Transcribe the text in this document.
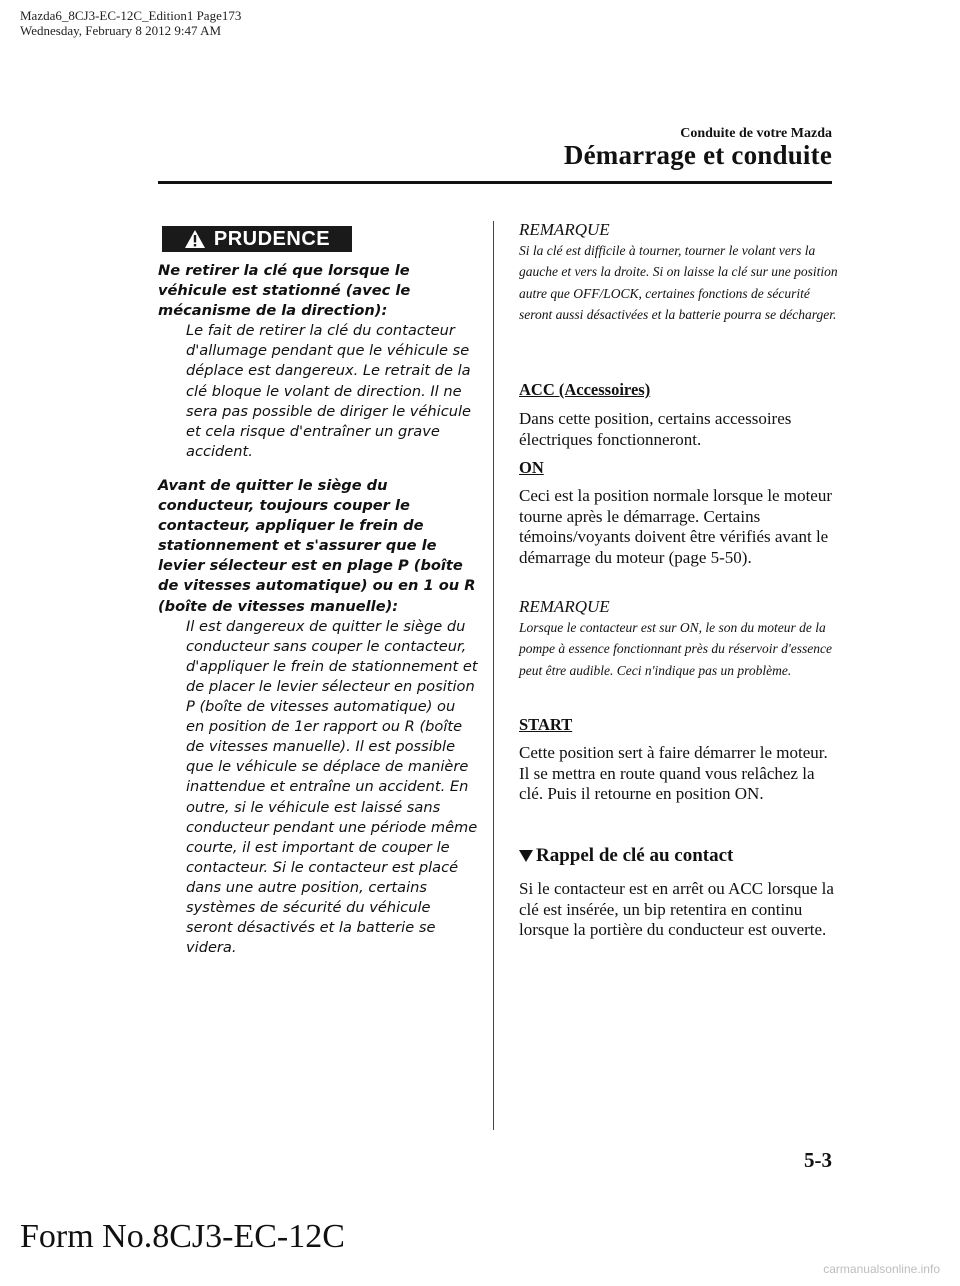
Mazda6_8CJ3-EC-12C_Edition1 Page173
Wednesday, February 8 2012 9:47 AM
Conduite de votre Mazda
Démarrage et conduite
PRUDENCE

Ne retirer la clé que lorsque le véhicule est stationné (avec le mécanisme de la direction):

Le fait de retirer la clé du contacteur d'allumage pendant que le véhicule se déplace est dangereux. Le retrait de la clé bloque le volant de direction. Il ne sera pas possible de diriger le véhicule et cela risque d'entraîner un grave accident.

Avant de quitter le siège du conducteur, toujours couper le contacteur, appliquer le frein de stationnement et s'assurer que le levier sélecteur est en plage P (boîte de vitesses automatique) ou en 1 ou R (boîte de vitesses manuelle):

Il est dangereux de quitter le siège du conducteur sans couper le contacteur, d'appliquer le frein de stationnement et de placer le levier sélecteur en position P (boîte de vitesses automatique) ou en position de 1er rapport ou R (boîte de vitesses manuelle). Il est possible que le véhicule se déplace de manière inattendue et entraîne un accident. En outre, si le véhicule est laissé sans conducteur pendant une période même courte, il est important de couper le contacteur. Si le contacteur est placé dans une autre position, certains systèmes de sécurité du véhicule seront désactivés et la batterie se videra.

REMARQUE

Si la clé est difficile à tourner, tourner le volant vers la gauche et vers la droite. Si on laisse la clé sur une position autre que OFF/LOCK, certaines fonctions de sécurité seront aussi désactivées et la batterie pourra se décharger.

ACC (Accessoires)

Dans cette position, certains accessoires électriques fonctionneront.

ON

Ceci est la position normale lorsque le moteur tourne après le démarrage. Certains témoins/voyants doivent être vérifiés avant le démarrage du moteur (page 5-50).

REMARQUE

Lorsque le contacteur est sur ON, le son du moteur de la pompe à essence fonctionnant près du réservoir d'essence peut être audible. Ceci n'indique pas un problème.

START

Cette position sert à faire démarrer le moteur. Il se mettra en route quand vous relâchez la clé. Puis il retourne en position ON.

Rappel de clé au contact

Si le contacteur est en arrêt ou ACC lorsque la clé est insérée, un bip retentira en continu lorsque la portière du conducteur est ouverte.

5-3
Form No.8CJ3-EC-12C
carmanualsonline.info
